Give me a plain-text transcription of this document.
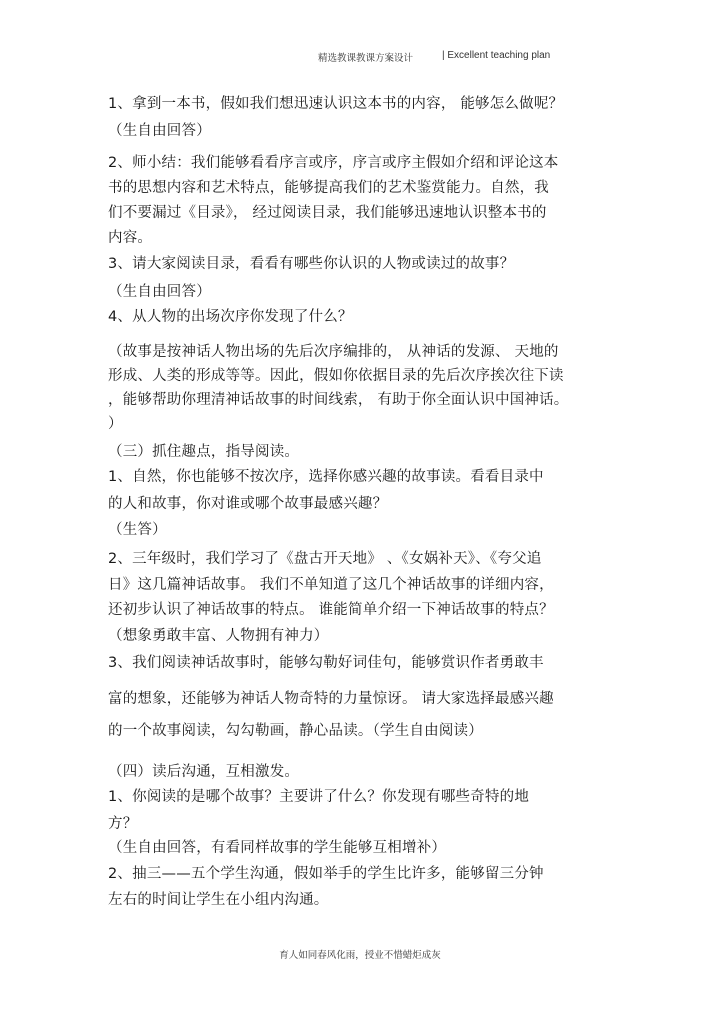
精选教课教课方案设计	| Excellent teaching plan
1、拿到一本书，假如我们想迅速认识这本书的内容， 能够怎么做呢？
（生自由回答）
2、师小结：我们能够看看序言或序，序言或序主假如介绍和评论这本
书的思想内容和艺术特点，能够提高我们的艺术鉴赏能力。自然，我
们不要漏过《目录》， 经过阅读目录，我们能够迅速地认识整本书的
内容。
3、请大家阅读目录，看看有哪些你认识的人物或读过的故事？
（生自由回答）
4、从人物的出场次序你发现了什么？
（故事是按神话人物出场的先后次序编排的， 从神话的发源、 天地的
形成、人类的形成等等。因此，假如你依据目录的先后次序挨次往下读
，能够帮助你理清神话故事的时间线索， 有助于你全面认识中国神话。
）
（三）抓住趣点，指导阅读。
1、自然，你也能够不按次序，选择你感兴趣的故事读。看看目录中
的人和故事，你对谁或哪个故事最感兴趣？
（生答）
2、三年级时，我们学习了《盘古开天地》 、《女娲补天》、《夸父追
日》这几篇神话故事。 我们不单知道了这几个神话故事的详细内容，
还初步认识了神话故事的特点。 谁能简单介绍一下神话故事的特点？
（想象勇敢丰富、人物拥有神力）
3、我们阅读神话故事时，能够勾勒好词佳句，能够赏识作者勇敢丰
富的想象，还能够为神话人物奇特的力量惊讶。 请大家选择最感兴趣
的一个故事阅读，勾勾勒画，静心品读。（学生自由阅读）
（四）读后沟通，互相激发。
1、你阅读的是哪个故事？主要讲了什么？你发现有哪些奇特的地
方？
（生自由回答，有看同样故事的学生能够互相增补）
2、抽三——五个学生沟通，假如举手的学生比许多，能够留三分钟
左右的时间让学生在小组内沟通。
育人如同春风化雨，授业不惜蜡炬成灰
